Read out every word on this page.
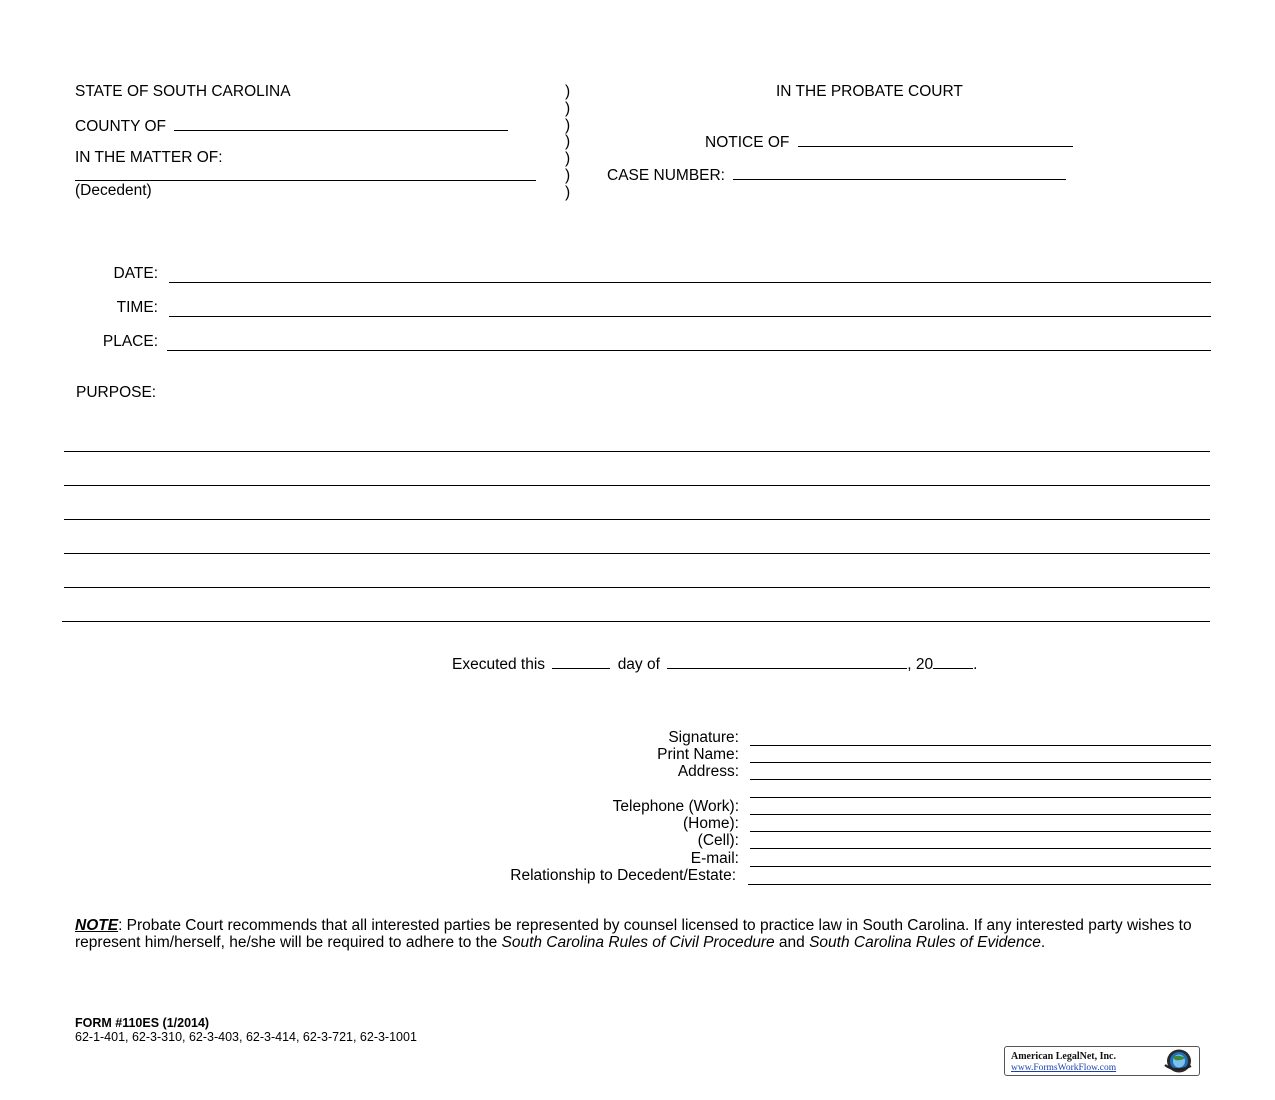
STATE OF SOUTH CAROLINA
COUNTY OF
IN THE MATTER OF:
(Decedent)
)
)
)
)
)
)
)
IN THE PROBATE COURT
NOTICE OF
CASE NUMBER:
DATE:
TIME:
PLACE:
PURPOSE:
Executed this	day of	, 20	.
Signature:
Print Name:
Address:
Telephone (Work):
(Home):
(Cell):
E-mail:
Relationship to Decedent/Estate:
NOTE: Probate Court recommends that all interested parties be represented by counsel licensed to practice law in South Carolina. If any interested party wishes to represent him/herself, he/she will be required to adhere to the South Carolina Rules of Civil Procedure and South Carolina Rules of Evidence.
FORM #110ES (1/2014)
62-1-401, 62-3-310, 62-3-403, 62-3-414, 62-3-721, 62-3-1001
American LegalNet, Inc.
www.FormsWorkFlow.com
